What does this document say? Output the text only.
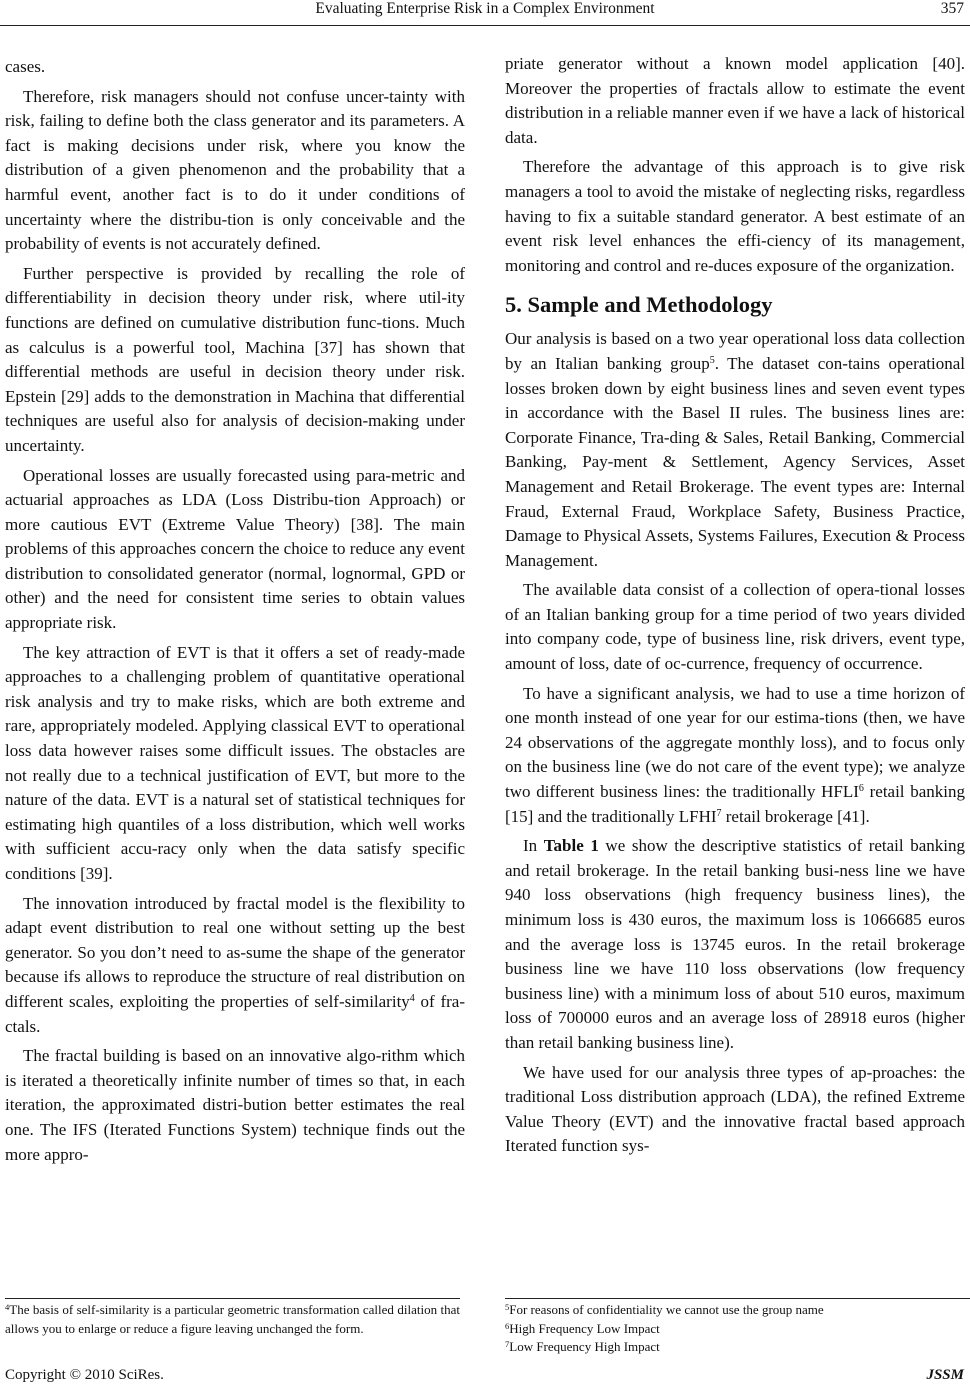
Evaluating Enterprise Risk in a Complex Environment	357

cases.

Therefore, risk managers should not confuse uncer-tainty with risk, failing to define both the class generator and its parameters. A fact is making decisions under risk, where you know the distribution of a given phenomenon and the probability that a harmful event, another fact is to do it under conditions of uncertainty where the distribu-tion is only conceivable and the probability of events is not accurately defined.

Further perspective is provided by recalling the role of differentiability in decision theory under risk, where util-ity functions are defined on cumulative distribution func-tions. Much as calculus is a powerful tool, Machina [37] has shown that differential methods are useful in decision theory under risk. Epstein [29] adds to the demonstration in Machina that differential techniques are useful also for analysis of decision-making under uncertainty.

Operational losses are usually forecasted using para-metric and actuarial approaches as LDA (Loss Distribu-tion Approach) or more cautious EVT (Extreme Value Theory) [38]. The main problems of this approaches concern the choice to reduce any event distribution to consolidated generator (normal, lognormal, GPD or other) and the need for consistent time series to obtain values appropriate risk.

The key attraction of EVT is that it offers a set of ready-made approaches to a challenging problem of quantitative operational risk analysis and try to make risks, which are both extreme and rare, appropriately modeled. Applying classical EVT to operational loss data however raises some difficult issues. The obstacles are not really due to a technical justification of EVT, but more to the nature of the data. EVT is a natural set of statistical techniques for estimating high quantiles of a loss distribution, which well works with sufficient accu-racy only when the data satisfy specific conditions [39].

The innovation introduced by fractal model is the flexibility to adapt event distribution to real one without setting up the best generator. So you don’t need to as-sume the shape of the generator because ifs allows to reproduce the structure of real distribution on different scales, exploiting the properties of self-similarity$^4$ of fra-ctals.

The fractal building is based on an innovative algo-rithm which is iterated a theoretically infinite number of times so that, in each iteration, the approximated distri-bution better estimates the real one. The IFS (Iterated Functions System) technique finds out the more appro-

priate generator without a known model application [40]. Moreover the properties of fractals allow to estimate the event distribution in a reliable manner even if we have a lack of historical data.

Therefore the advantage of this approach is to give risk managers a tool to avoid the mistake of neglecting risks, regardless having to fix a suitable standard generator. A best estimate of an event risk level enhances the effi-ciency of its management, monitoring and control and re-duces exposure of the organization.

5. Sample and Methodology

Our analysis is based on a two year operational loss data collection by an Italian banking group$^5$. The dataset con-tains operational losses broken down by eight business lines and seven event types in accordance with the Basel II rules. The business lines are: Corporate Finance, Tra-ding & Sales, Retail Banking, Commercial Banking, Pay-ment & Settlement, Agency Services, Asset Management and Retail Brokerage. The event types are: Internal Fraud, External Fraud, Workplace Safety, Business Practice, Damage to Physical Assets, Systems Failures, Execution & Process Management.

The available data consist of a collection of opera-tional losses of an Italian banking group for a time period of two years divided into company code, type of business line, risk drivers, event type, amount of loss, date of oc-currence, frequency of occurrence.

To have a significant analysis, we had to use a time horizon of one month instead of one year for our estima-tions (then, we have 24 observations of the aggregate monthly loss), and to focus only on the business line (we do not care of the event type); we analyze two different business lines: the traditionally HFLI$^6$ retail banking [15] and the traditionally LFHI$^7$ retail brokerage [41].

In Table 1 we show the descriptive statistics of retail banking and retail brokerage. In the retail banking busi-ness line we have 940 loss observations (high frequency business lines), the minimum loss is 430 euros, the maximum loss is 1066685 euros and the average loss is 13745 euros. In the retail brokerage business line we have 110 loss observations (low frequency business line) with a minimum loss of about 510 euros, maximum loss of 700000 euros and an average loss of 28918 euros (higher than retail banking business line).

We have used for our analysis three types of ap-proaches: the traditional Loss distribution approach (LDA), the refined Extreme Value Theory (EVT) and the innovative fractal based approach Iterated function sys-

$^4$The basis of self-similarity is a particular geometric transformation called dilation that allows you to enlarge or reduce a figure leaving unchanged the form.
$^5$For reasons of confidentiality we cannot use the group name
$^6$High Frequency Low Impact
$^7$Low Frequency High Impact
Copyright © 2010 SciRes.	JSSM
